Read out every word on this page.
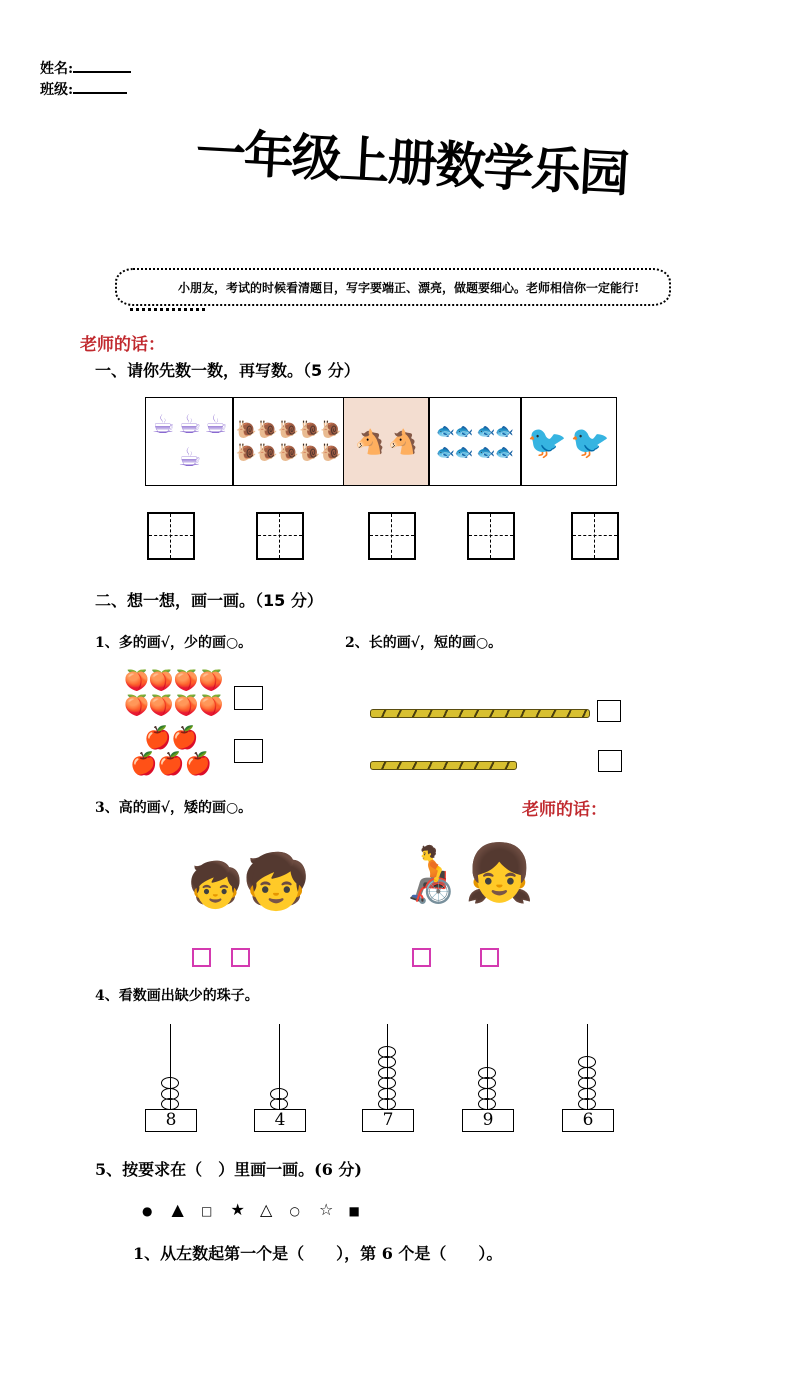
姓名:
班级:
一年级上册数学乐园
小朋友，考试的时候看清题目，写字要端正、漂亮，做题要细心。老师相信你一定能行!
老师的话：
一、请你先数一数，再写数。（5 分）
☕ ☕ ☕
☕
🐌🐌🐌🐌🐌
🐌🐌🐌🐌🐌 🐴 🐴 🐟🐟 🐟🐟
🐟🐟 🐟🐟 🐦 🐦
二、想一想，画一画。（15 分）
1、多的画√，少的画○。	2、长的画√，短的画○。
🍑🍑🍑🍑
🍑🍑🍑🍑
🍎🍎
🍎🍎🍎
3、高的画√，矮的画○。	老师的话：
🧒🧒 🧑‍🦽👧
4、看数画出缺少的珠子。
8	4	7	9	6
5、按要求在（　）里画一画。(6 分)
● ▲ □ ★ △ ○ ☆ ■
1、从左数起第一个是（　　），第 6 个是（　　）。
